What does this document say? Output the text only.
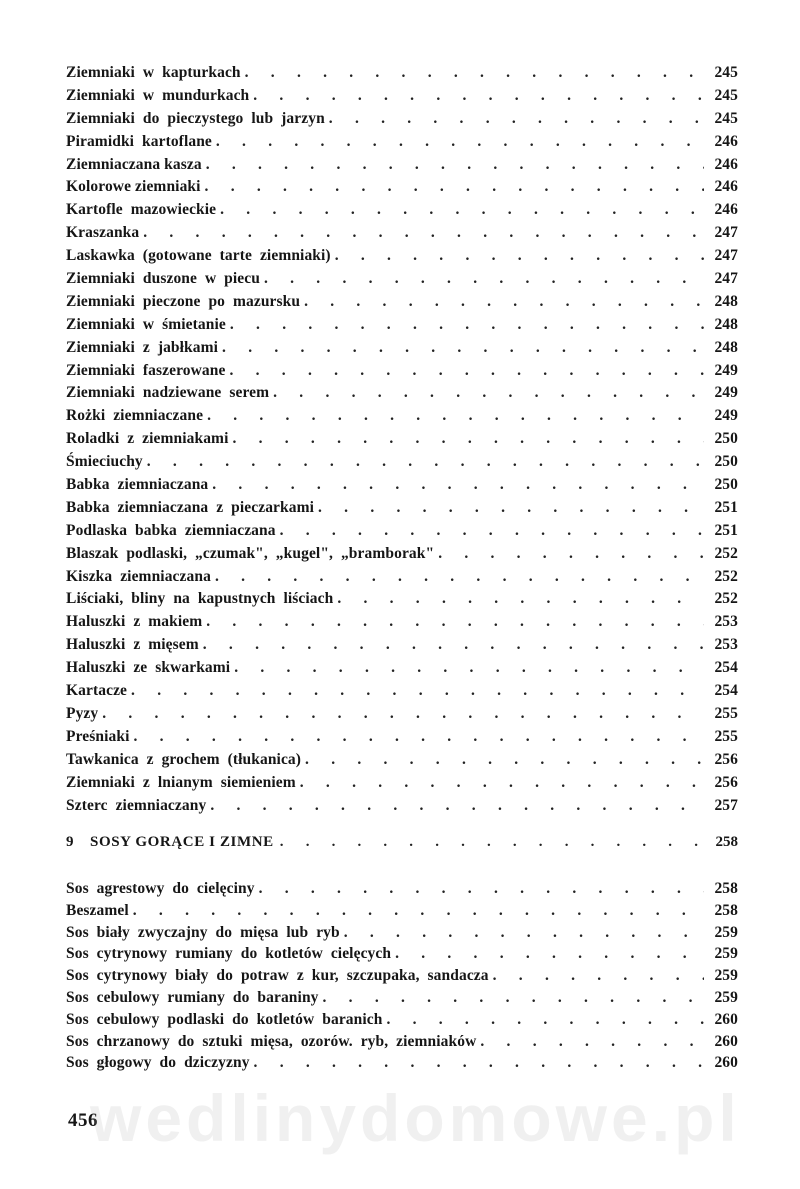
Ziemniaki  w  kapturkach . . .	245
Ziemniaki  w  mundurkach . . .	245
Ziemniaki  do  pieczystego  lub  jarzyn . . .	245
Piramidki  kartoflane . . .	246
Ziemniaczana kasza . . .	246
Kolorowe ziemniaki . . .	246
Kartofle  mazowieckie . . .	246
Kraszanka . . .	247
Laskawka  (gotowane  tarte  ziemniaki) . . .	247
Ziemniaki  duszone  w  piecu . . .	247
Ziemniaki  pieczone  po  mazursku . . .	248
Ziemniaki  w  śmietanie . . .	248
Ziemniaki  z  jabłkami . . .	248
Ziemniaki  faszerowane . . .	249
Ziemniaki  nadziewane  serem . . .	249
Rożki  ziemniaczane . . .	249
Roladki  z  ziemniakami . . .	250
Śmieciuchy . . .	250
Babka  ziemniaczana . . .	250
Babka  ziemniaczana  z  pieczarkami . . .	251
Podlaska  babka  ziemniaczana . . .	251
Blaszak  podlaski,  „czumak",  „kugel",  „bramborak" . . .	252
Kiszka  ziemniaczana . . .	252
Liściaki,  bliny  na  kapustnych  liściach . . .	252
Haluszki  z  makiem . . .	253
Haluszki  z  mięsem . . .	253
Haluszki  ze  skwarkami . . .	254
Kartacze . . .	254
Pyzy . . .	255
Preśniaki . . .	255
Tawkanica  z  grochem  (tłukanica) . . .	256
Ziemniaki  z  lnianym  siemieniem . . .	256
Szterc  ziemniaczany . . .	257
9	SOSY GORĄCE I ZIMNE . . .	258
Sos  agrestowy  do  cielęciny . . .	258
Beszamel . . .	258
Sos  biały  zwyczajny  do  mięsa  lub  ryb . . .	259
Sos  cytrynowy  rumiany  do  kotletów  cielęcych . . .	259
Sos  cytrynowy  biały  do  potraw  z  kur,  szczupaka,  sandacza . . .	259
Sos  cebulowy  rumiany  do  baraniny . . .	259
Sos  cebulowy  podlaski  do  kotletów  baranich . . .	260
Sos  chrzanowy  do  sztuki  mięsa,  ozorów.  ryb,  ziemniaków . . .	260
Sos  głogowy  do  dziczyzny . . .	260
456
wedlinydomowe.pl
